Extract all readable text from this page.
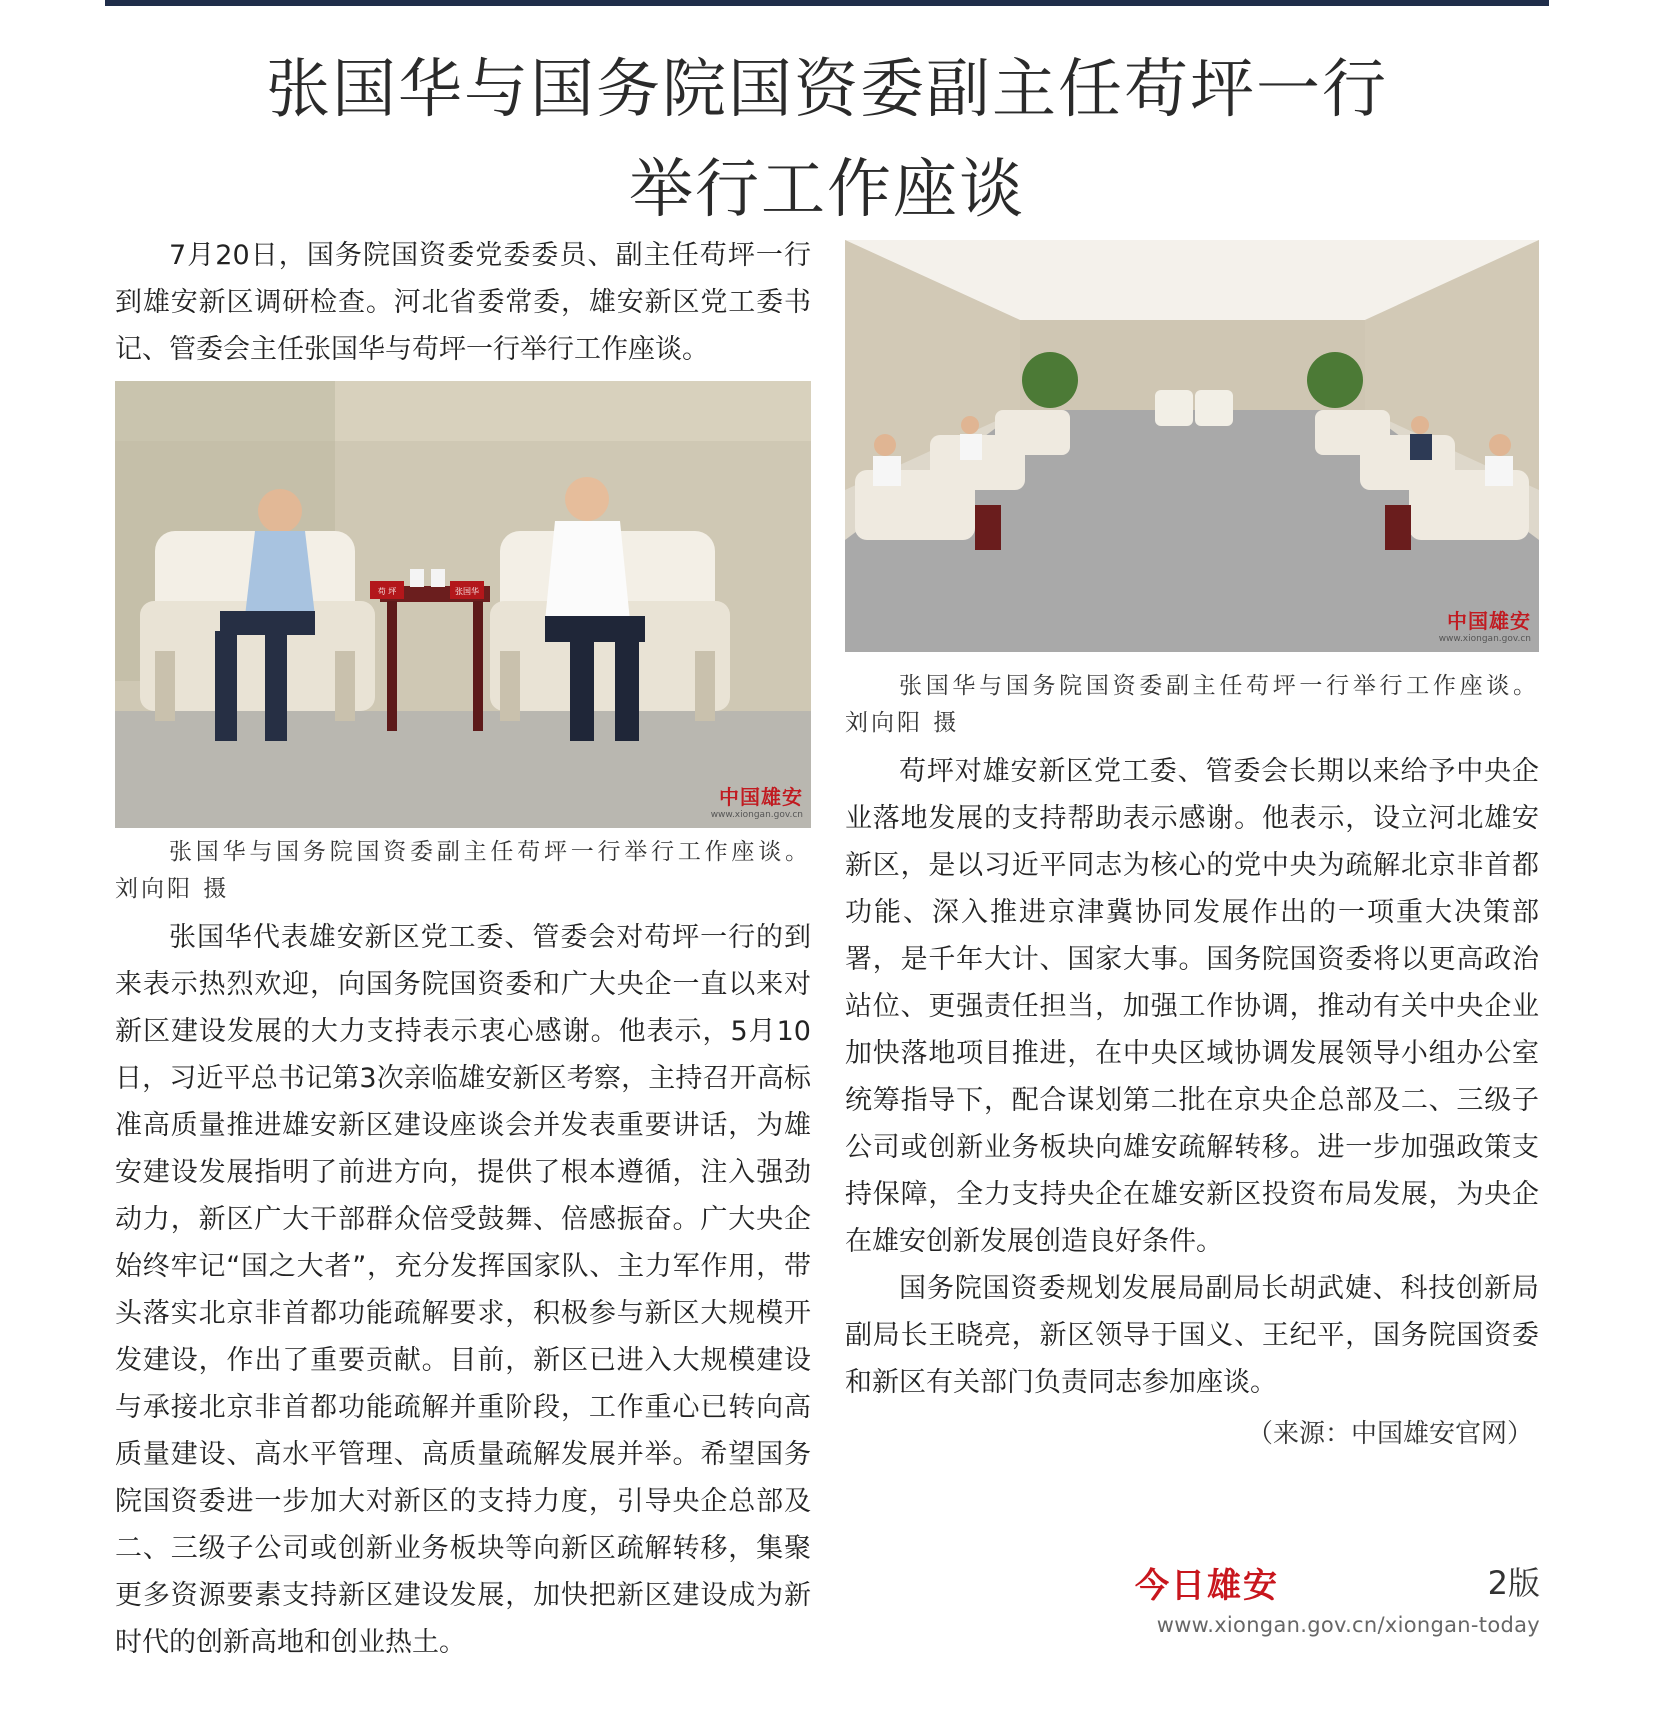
张国华与国务院国资委副主任苟坪一行
举行工作座谈

7月20日，国务院国资委党委委员、副主任苟坪一行到雄安新区调研检查。河北省委常委，雄安新区党工委书记、管委会主任张国华与苟坪一行举行工作座谈。

苟 坪	张国华
中国雄安
www.xiongan.gov.cn

张国华与国务院国资委副主任苟坪一行举行工作座谈。刘向阳 摄

张国华代表雄安新区党工委、管委会对苟坪一行的到来表示热烈欢迎，向国务院国资委和广大央企一直以来对新区建设发展的大力支持表示衷心感谢。他表示，5月10日，习近平总书记第3次亲临雄安新区考察，主持召开高标准高质量推进雄安新区建设座谈会并发表重要讲话，为雄安建设发展指明了前进方向，提供了根本遵循，注入强劲动力，新区广大干部群众倍受鼓舞、倍感振奋。广大央企始终牢记“国之大者”，充分发挥国家队、主力军作用，带头落实北京非首都功能疏解要求，积极参与新区大规模开发建设，作出了重要贡献。目前，新区已进入大规模建设与承接北京非首都功能疏解并重阶段，工作重心已转向高质量建设、高水平管理、高质量疏解发展并举。希望国务院国资委进一步加大对新区的支持力度，引导央企总部及二、三级子公司或创新业务板块等向新区疏解转移，集聚更多资源要素支持新区建设发展，加快把新区建设成为新时代的创新高地和创业热土。

中国雄安
www.xiongan.gov.cn

张国华与国务院国资委副主任苟坪一行举行工作座谈。刘向阳 摄

苟坪对雄安新区党工委、管委会长期以来给予中央企业落地发展的支持帮助表示感谢。他表示，设立河北雄安新区，是以习近平同志为核心的党中央为疏解北京非首都功能、深入推进京津冀协同发展作出的一项重大决策部署，是千年大计、国家大事。国务院国资委将以更高政治站位、更强责任担当，加强工作协调，推动有关中央企业加快落地项目推进，在中央区域协调发展领导小组办公室统筹指导下，配合谋划第二批在京央企总部及二、三级子公司或创新业务板块向雄安疏解转移。进一步加强政策支持保障，全力支持央企在雄安新区投资布局发展，为央企在雄安创新发展创造良好条件。

国务院国资委规划发展局副局长胡武婕、科技创新局副局长王晓亮，新区领导于国义、王纪平，国务院国资委和新区有关部门负责同志参加座谈。

（来源：中国雄安官网）
今日雄安	2版
www.xiongan.gov.cn/xiongan-today
